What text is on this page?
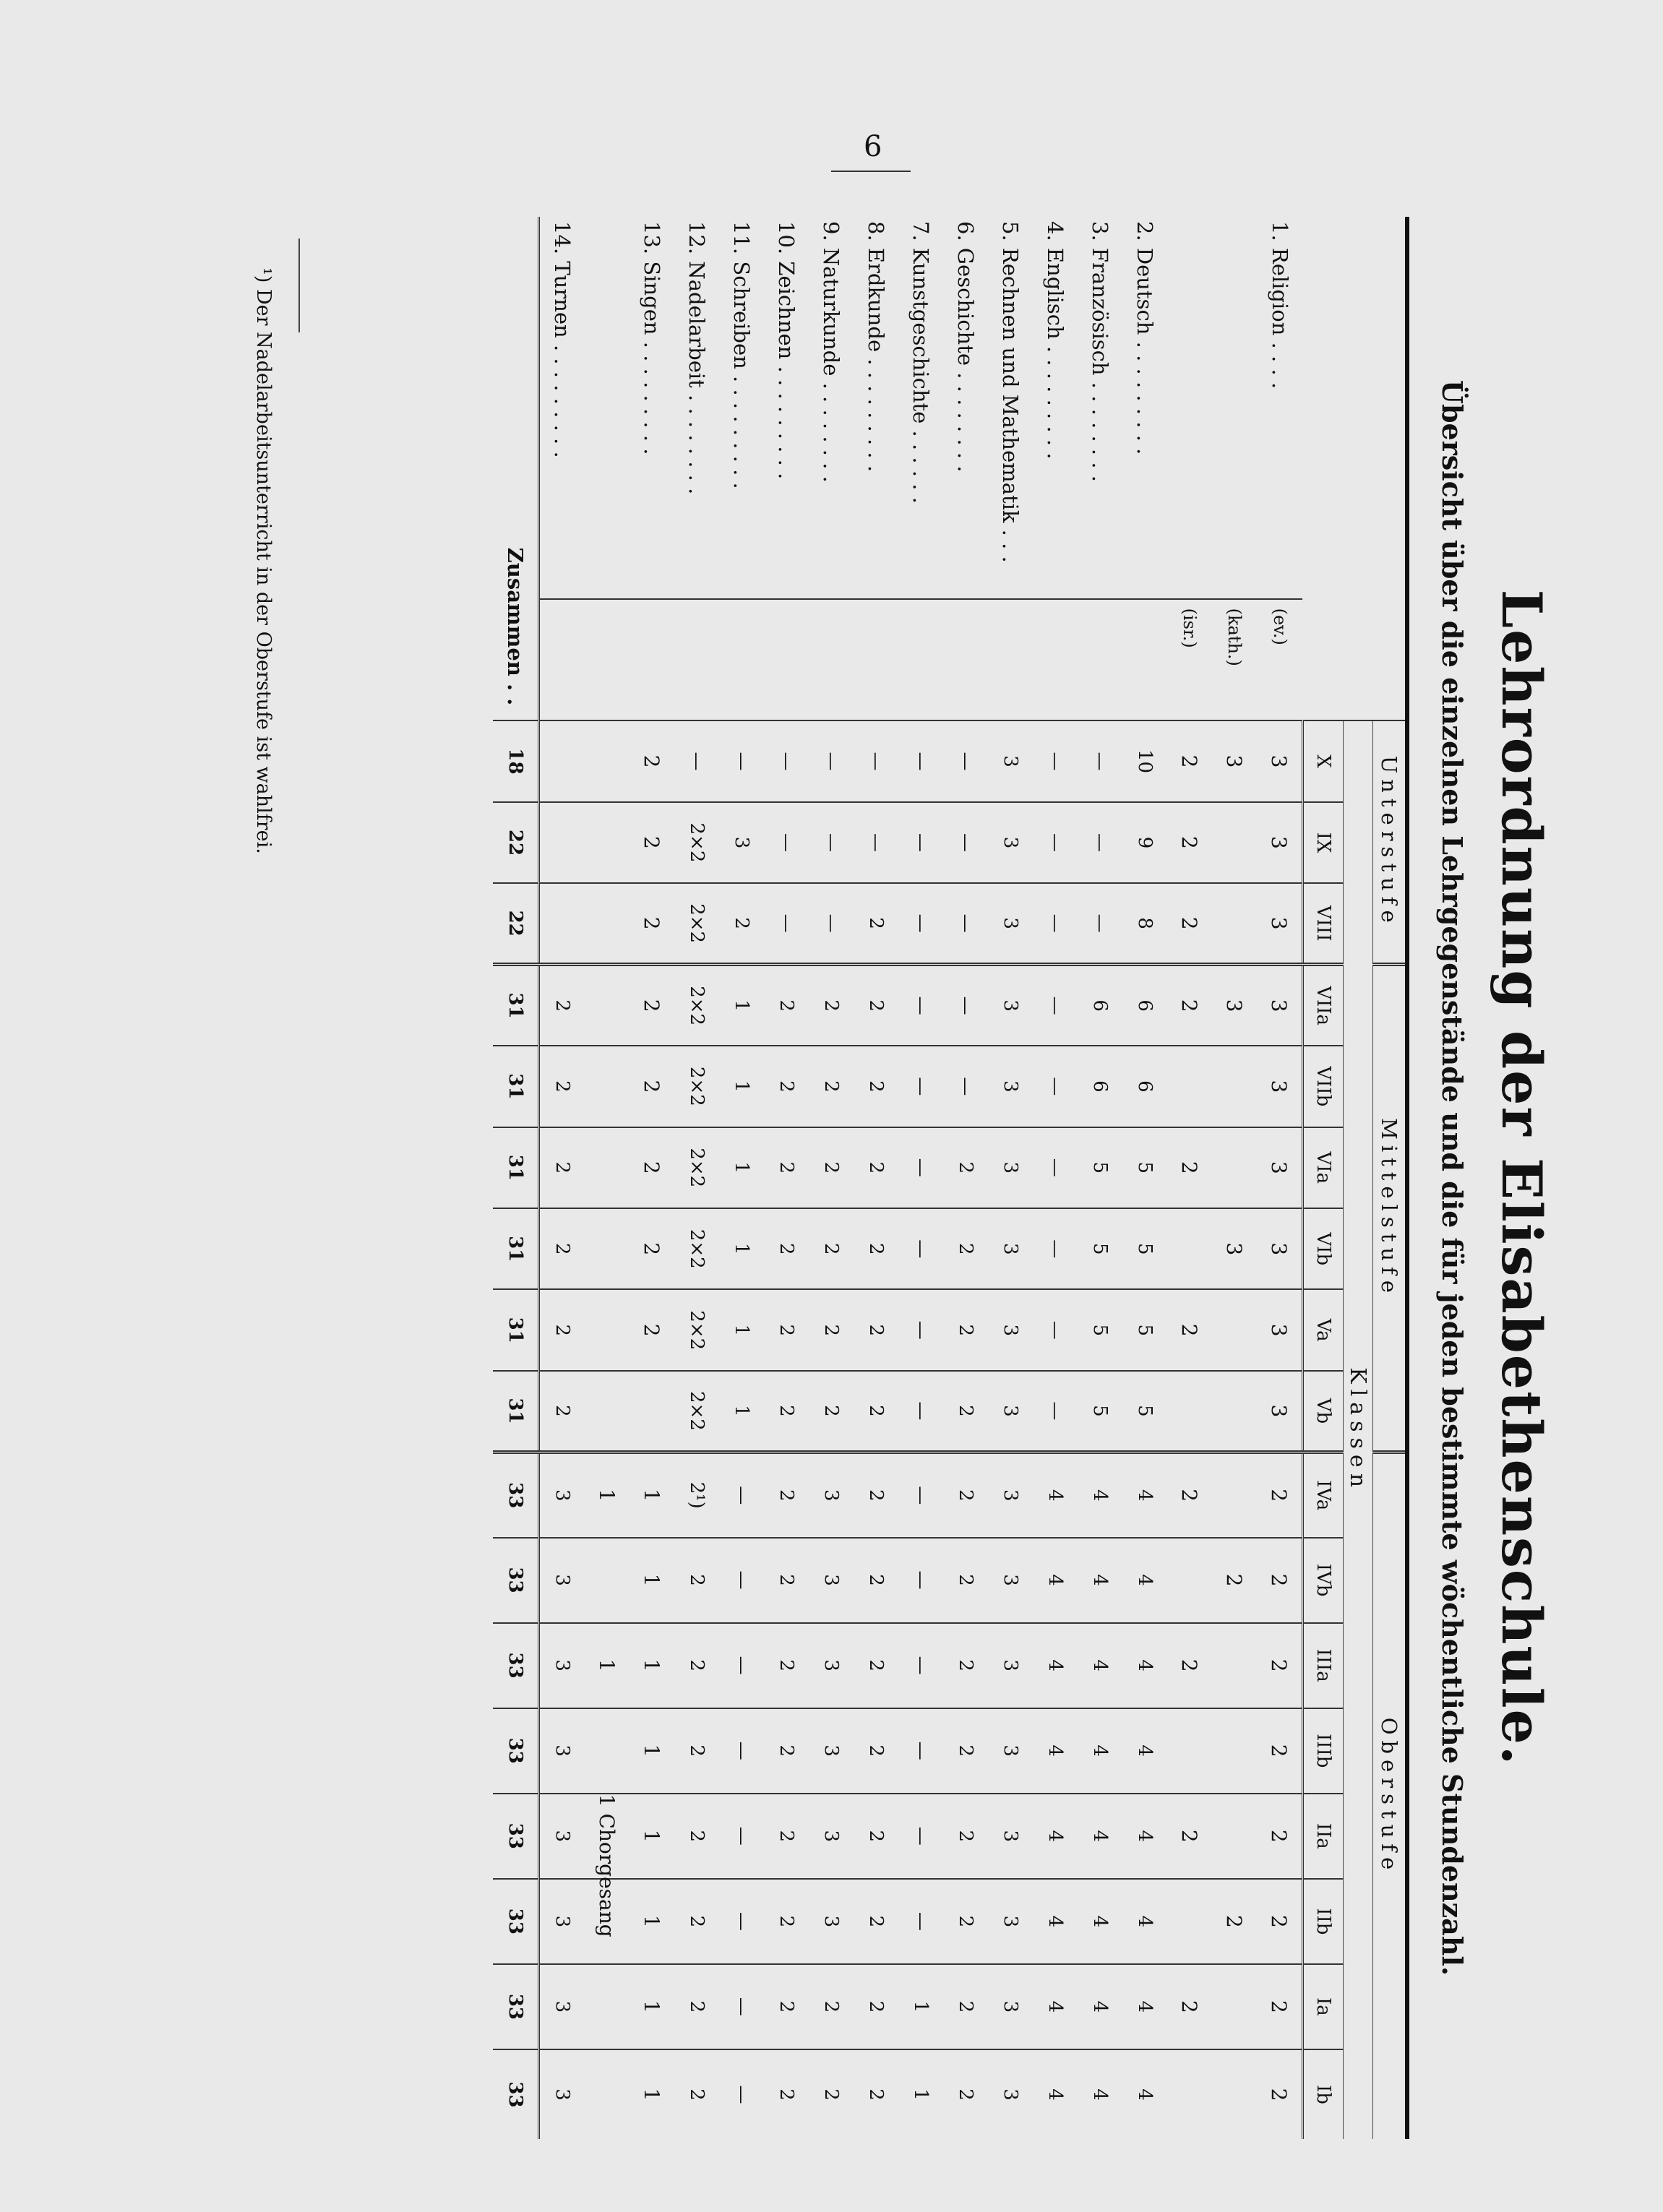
6
Lehrordnung der Elisabethenschule.
Übersicht über die einzelnen Lehrgegenstände und die für jeden bestimmte wöchentliche Stundenzahl.
		Unterstufe			Mittelstufe						Oberstufe							
		Klassen																
		X	IX	VIII	VIIa	VIIb	VIa	VIb	Va	Vb	IVa	IVb	IIIa	IIIb	IIa	IIb	Ia	Ib
1. Religion . . . .	(ev.)	3	3	3	3	3	3	3	3	3	2	2	2	2	2	2	2	2
	(kath.)	3			3			3				2				2		
	(isr.)	2	2	2	2		2		2		2		2		2		2	
2. Deutsch . . . . . . . . .		10	9	8	6	6	5	5	5	5	4	4	4	4	4	4	4	4
3. Französisch . . . . . . . .		—	—	—	6	6	5	5	5	5	4	4	4	4	4	4	4	4
4. Englisch . . . . . . . . .		—	—	—	—	—	—	—	—	—	4	4	4	4	4	4	4	4
5. Rechnen und Mathematik . . .		3	3	3	3	3	3	3	3	3	3	3	3	3	3	3	3	3
6. Geschichte . . . . . . . .		—	—	—	—	—	2	2	2	2	2	2	2	2	2	2	2	2
7. Kunstgeschichte . . . . . .		—	—	—	—	—	—	—	—	—	—	—	—	—	—	—	1	1
8. Erdkunde . . . . . . . . .		—	—	2	2	2	2	2	2	2	2	2	2	2	2	2	2	2
9. Naturkunde . . . . . . . .		—	—	—	2	2	2	2	2	2	3	3	3	3	3	3	2	2
10. Zeichnen . . . . . . . . .		—	—	—	2	2	2	2	2	2	2	2	2	2	2	2	2	2
11. Schreiben . . . . . . . . .		—	3	2	1	1	1	1	1	1	—	—	—	—	—	—	—	—
12. Nadelarbeit . . . . . . . .		—	2×2	2×2	2×2	2×2	2×2	2×2	2×2	2×2	2¹)	2	2	2	2	2	2	2
13. Singen . . . . . . . . .		2	2	2	2	2	2	2	2		1	1	1	1	1	1	1	1
											1		1		1 Chorgesang			
14. Turnen . . . . . . . . .					2	2	2	2	2	2	3	3	3	3	3	3	3	3
Zusammen . .		18	22	22	31	31	31	31	31	31	33	33	33	33	33	33	33	33
¹) Der Nadelarbeitsunterricht in der Oberstufe ist wahlfrei.
